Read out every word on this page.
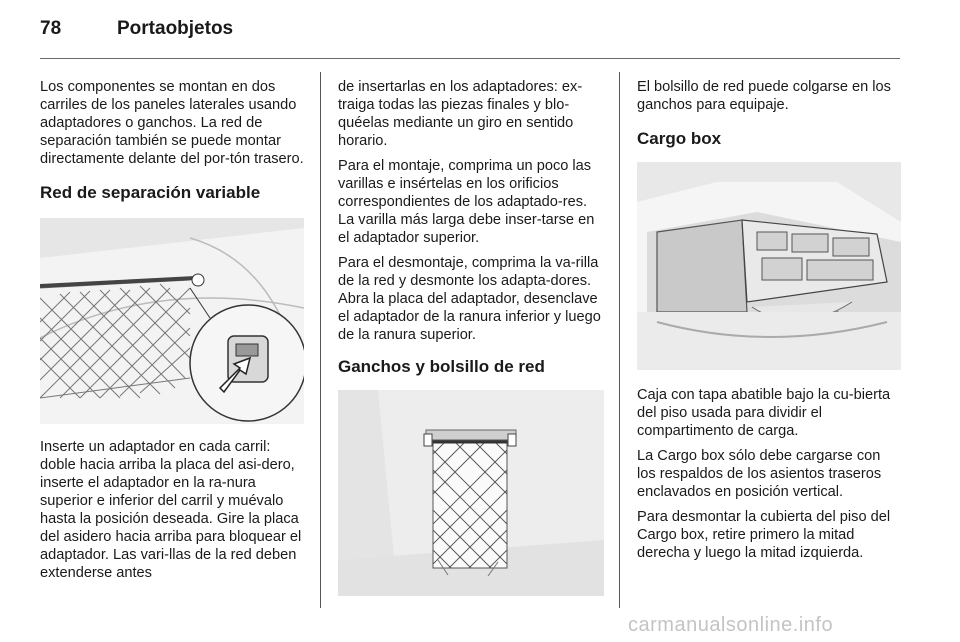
78	Portaobjetos

Los componentes se montan en dos carriles de los paneles laterales usando adaptadores o ganchos. La red de separación también se puede montar directamente delante del por-tón trasero.

Red de separación variable

Inserte un adaptador en cada carril: doble hacia arriba la placa del asi-dero, inserte el adaptador en la ra-nura superior e inferior del carril y muévalo hasta la posición deseada. Gire la placa del asidero hacia arriba para bloquear el adaptador. Las vari-llas de la red deben extenderse antes

de insertarlas en los adaptadores: ex-traiga todas las piezas finales y blo-quéelas mediante un giro en sentido horario.

Para el montaje, comprima un poco las varillas e insértelas en los orificios correspondientes de los adaptado-res. La varilla más larga debe inser-tarse en el adaptador superior.

Para el desmontaje, comprima la va-rilla de la red y desmonte los adapta-dores. Abra la placa del adaptador, desenclave el adaptador de la ranura inferior y luego de la ranura superior.

Ganchos y bolsillo de red

El bolsillo de red puede colgarse en los ganchos para equipaje.

Cargo box

Caja con tapa abatible bajo la cu-bierta del piso usada para dividir el compartimento de carga.

La Cargo box sólo debe cargarse con los respaldos de los asientos traseros enclavados en posición vertical.

Para desmontar la cubierta del piso del Cargo box, retire primero la mitad derecha y luego la mitad izquierda.

carmanualsonline.info
